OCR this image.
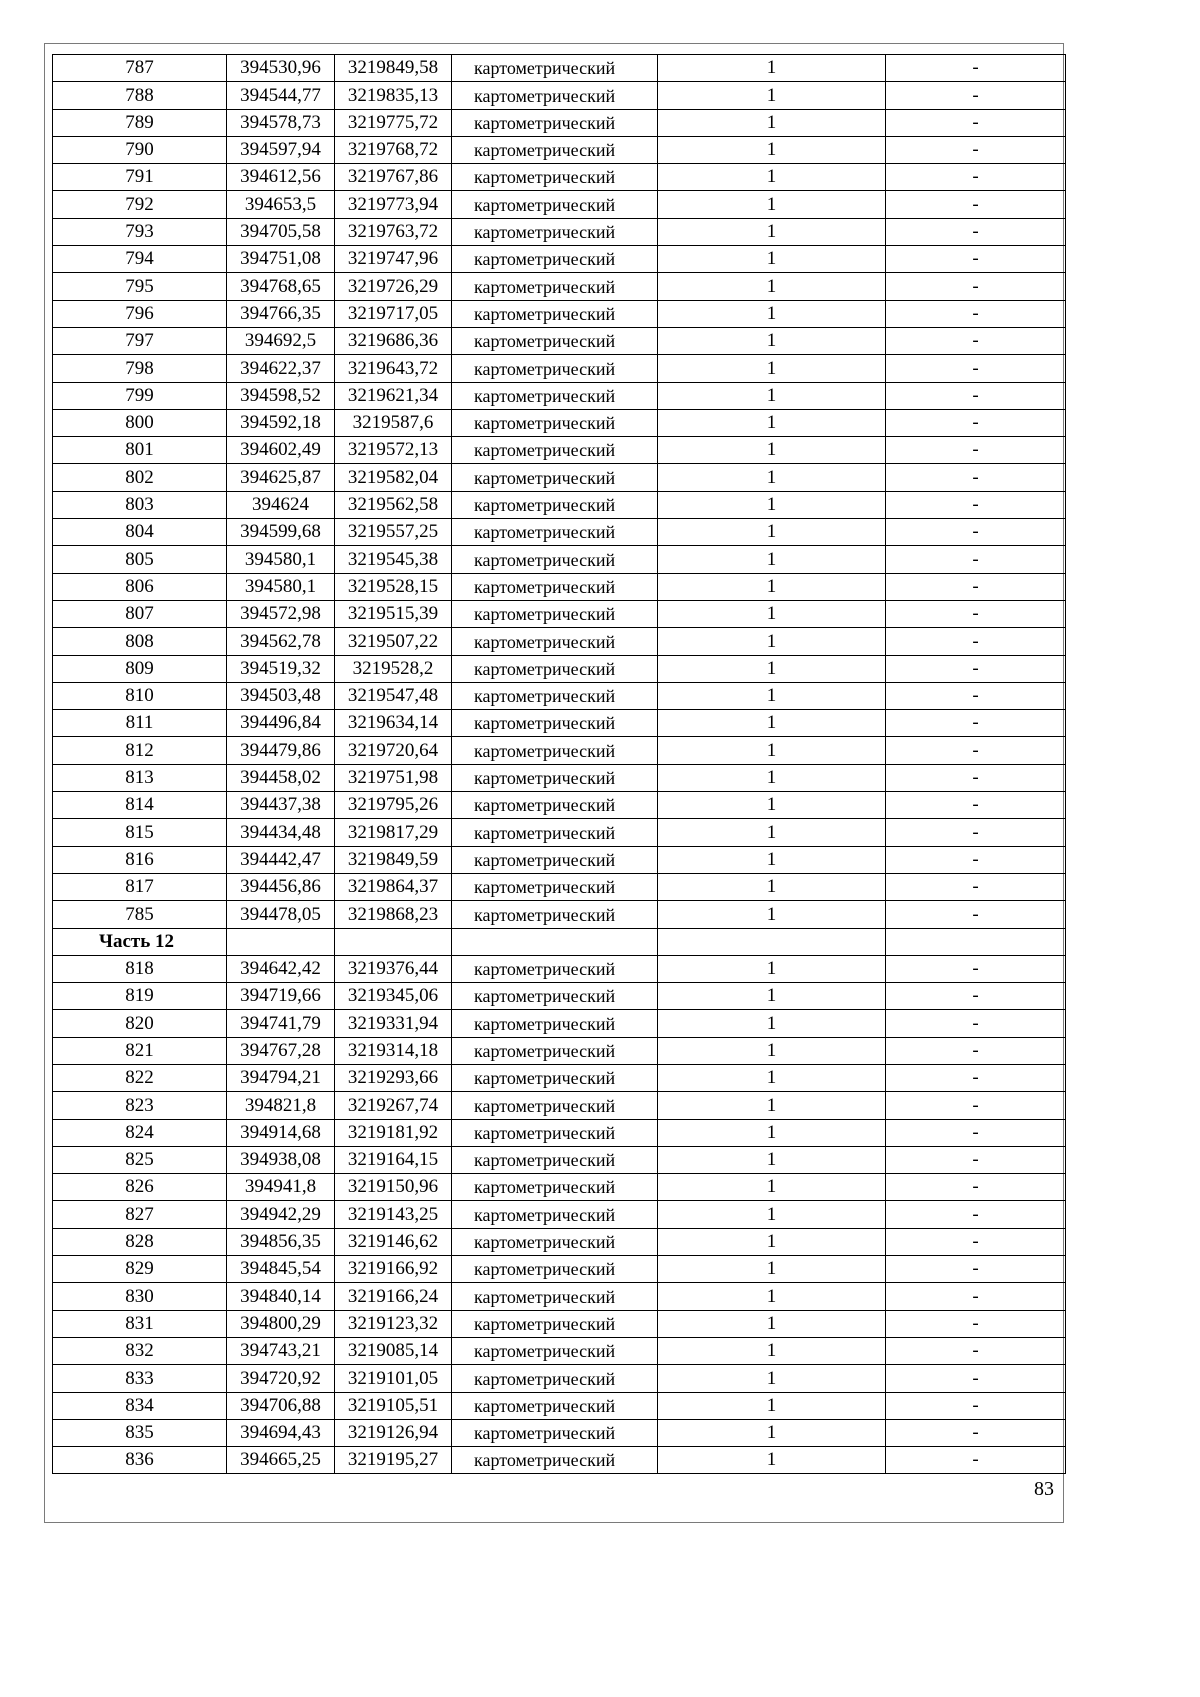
787	394530,96	3219849,58	картометрический	1	-
788	394544,77	3219835,13	картометрический	1	-
789	394578,73	3219775,72	картометрический	1	-
790	394597,94	3219768,72	картометрический	1	-
791	394612,56	3219767,86	картометрический	1	-
792	394653,5	3219773,94	картометрический	1	-
793	394705,58	3219763,72	картометрический	1	-
794	394751,08	3219747,96	картометрический	1	-
795	394768,65	3219726,29	картометрический	1	-
796	394766,35	3219717,05	картометрический	1	-
797	394692,5	3219686,36	картометрический	1	-
798	394622,37	3219643,72	картометрический	1	-
799	394598,52	3219621,34	картометрический	1	-
800	394592,18	3219587,6	картометрический	1	-
801	394602,49	3219572,13	картометрический	1	-
802	394625,87	3219582,04	картометрический	1	-
803	394624	3219562,58	картометрический	1	-
804	394599,68	3219557,25	картометрический	1	-
805	394580,1	3219545,38	картометрический	1	-
806	394580,1	3219528,15	картометрический	1	-
807	394572,98	3219515,39	картометрический	1	-
808	394562,78	3219507,22	картометрический	1	-
809	394519,32	3219528,2	картометрический	1	-
810	394503,48	3219547,48	картометрический	1	-
811	394496,84	3219634,14	картометрический	1	-
812	394479,86	3219720,64	картометрический	1	-
813	394458,02	3219751,98	картометрический	1	-
814	394437,38	3219795,26	картометрический	1	-
815	394434,48	3219817,29	картометрический	1	-
816	394442,47	3219849,59	картометрический	1	-
817	394456,86	3219864,37	картометрический	1	-
785	394478,05	3219868,23	картометрический	1	-
Часть 12					
818	394642,42	3219376,44	картометрический	1	-
819	394719,66	3219345,06	картометрический	1	-
820	394741,79	3219331,94	картометрический	1	-
821	394767,28	3219314,18	картометрический	1	-
822	394794,21	3219293,66	картометрический	1	-
823	394821,8	3219267,74	картометрический	1	-
824	394914,68	3219181,92	картометрический	1	-
825	394938,08	3219164,15	картометрический	1	-
826	394941,8	3219150,96	картометрический	1	-
827	394942,29	3219143,25	картометрический	1	-
828	394856,35	3219146,62	картометрический	1	-
829	394845,54	3219166,92	картометрический	1	-
830	394840,14	3219166,24	картометрический	1	-
831	394800,29	3219123,32	картометрический	1	-
832	394743,21	3219085,14	картометрический	1	-
833	394720,92	3219101,05	картометрический	1	-
834	394706,88	3219105,51	картометрический	1	-
835	394694,43	3219126,94	картометрический	1	-
836	394665,25	3219195,27	картометрический	1	-
83
